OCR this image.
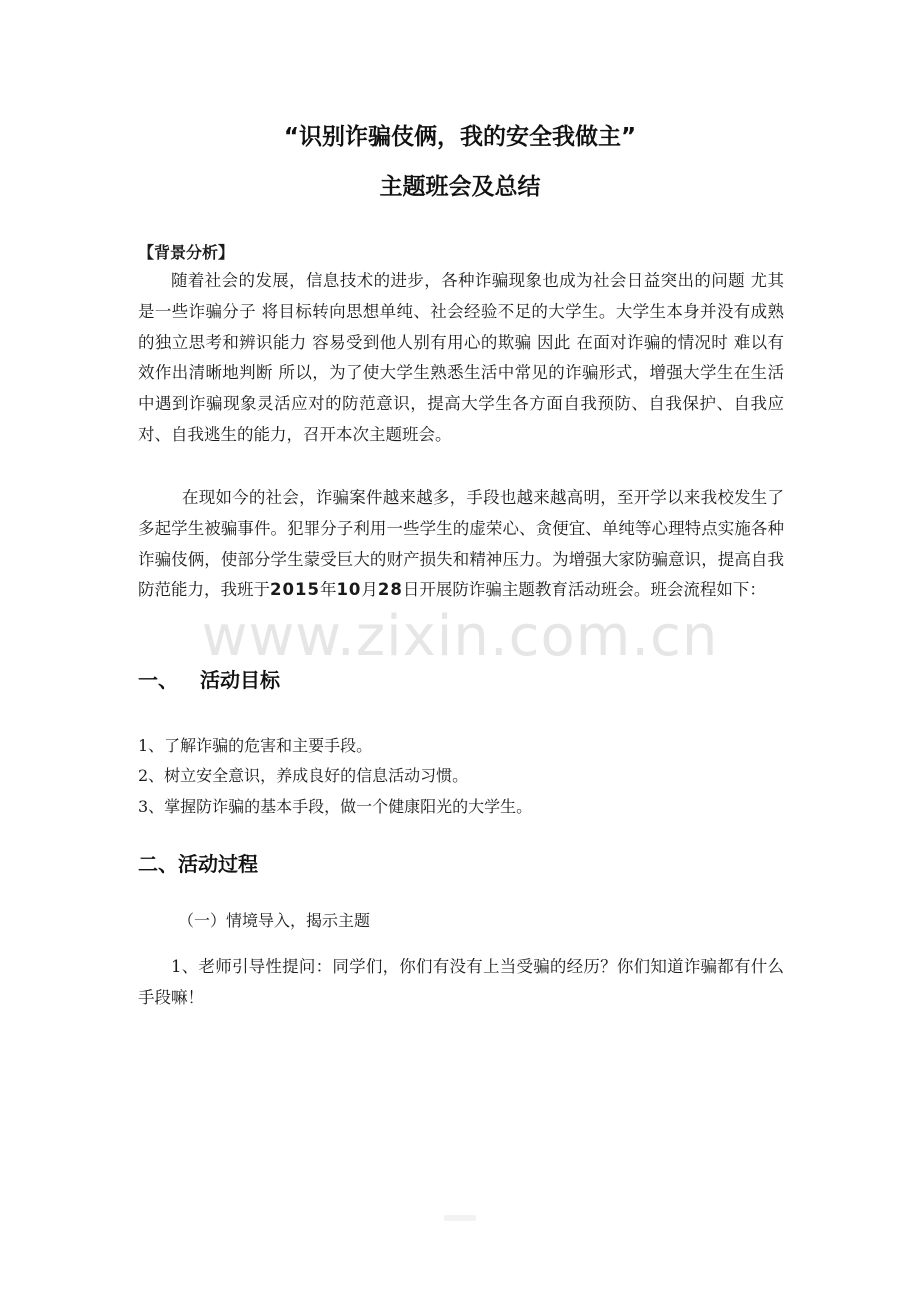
“识别诈骗伎俩，我的安全我做主”
主题班会及总结
【背景分析】
随着社会的发展，信息技术的进步，各种诈骗现象也成为社会日益突出的问题 尤其是一些诈骗分子 将目标转向思想单纯、社会经验不足的大学生。大学生本身并没有成熟的独立思考和辨识能力 容易受到他人别有用心的欺骗 因此 在面对诈骗的情况时 难以有效作出清晰地判断 所以，为了使大学生熟悉生活中常见的诈骗形式，增强大学生在生活中遇到诈骗现象灵活应对的防范意识，提高大学生各方面自我预防、自我保护、自我应对、自我逃生的能力，召开本次主题班会。
在现如今的社会，诈骗案件越来越多，手段也越来越高明，至开学以来我校发生了多起学生被骗事件。犯罪分子利用一些学生的虚荣心、贪便宜、单纯等心理特点实施各种诈骗伎俩，使部分学生蒙受巨大的财产损失和精神压力。为增强大家防骗意识，提高自我防范能力，我班于2015年10月28日开展防诈骗主题教育活动班会。班会流程如下：
www.zixin.com.cn
一、 活动目标
1、了解诈骗的危害和主要手段。
2、树立安全意识，养成良好的信息活动习惯。
3、掌握防诈骗的基本手段，做一个健康阳光的大学生。
二、活动过程
（一）情境导入，揭示主题
1、老师引导性提问：同学们，你们有没有上当受骗的经历？你们知道诈骗都有什么手段嘛！
